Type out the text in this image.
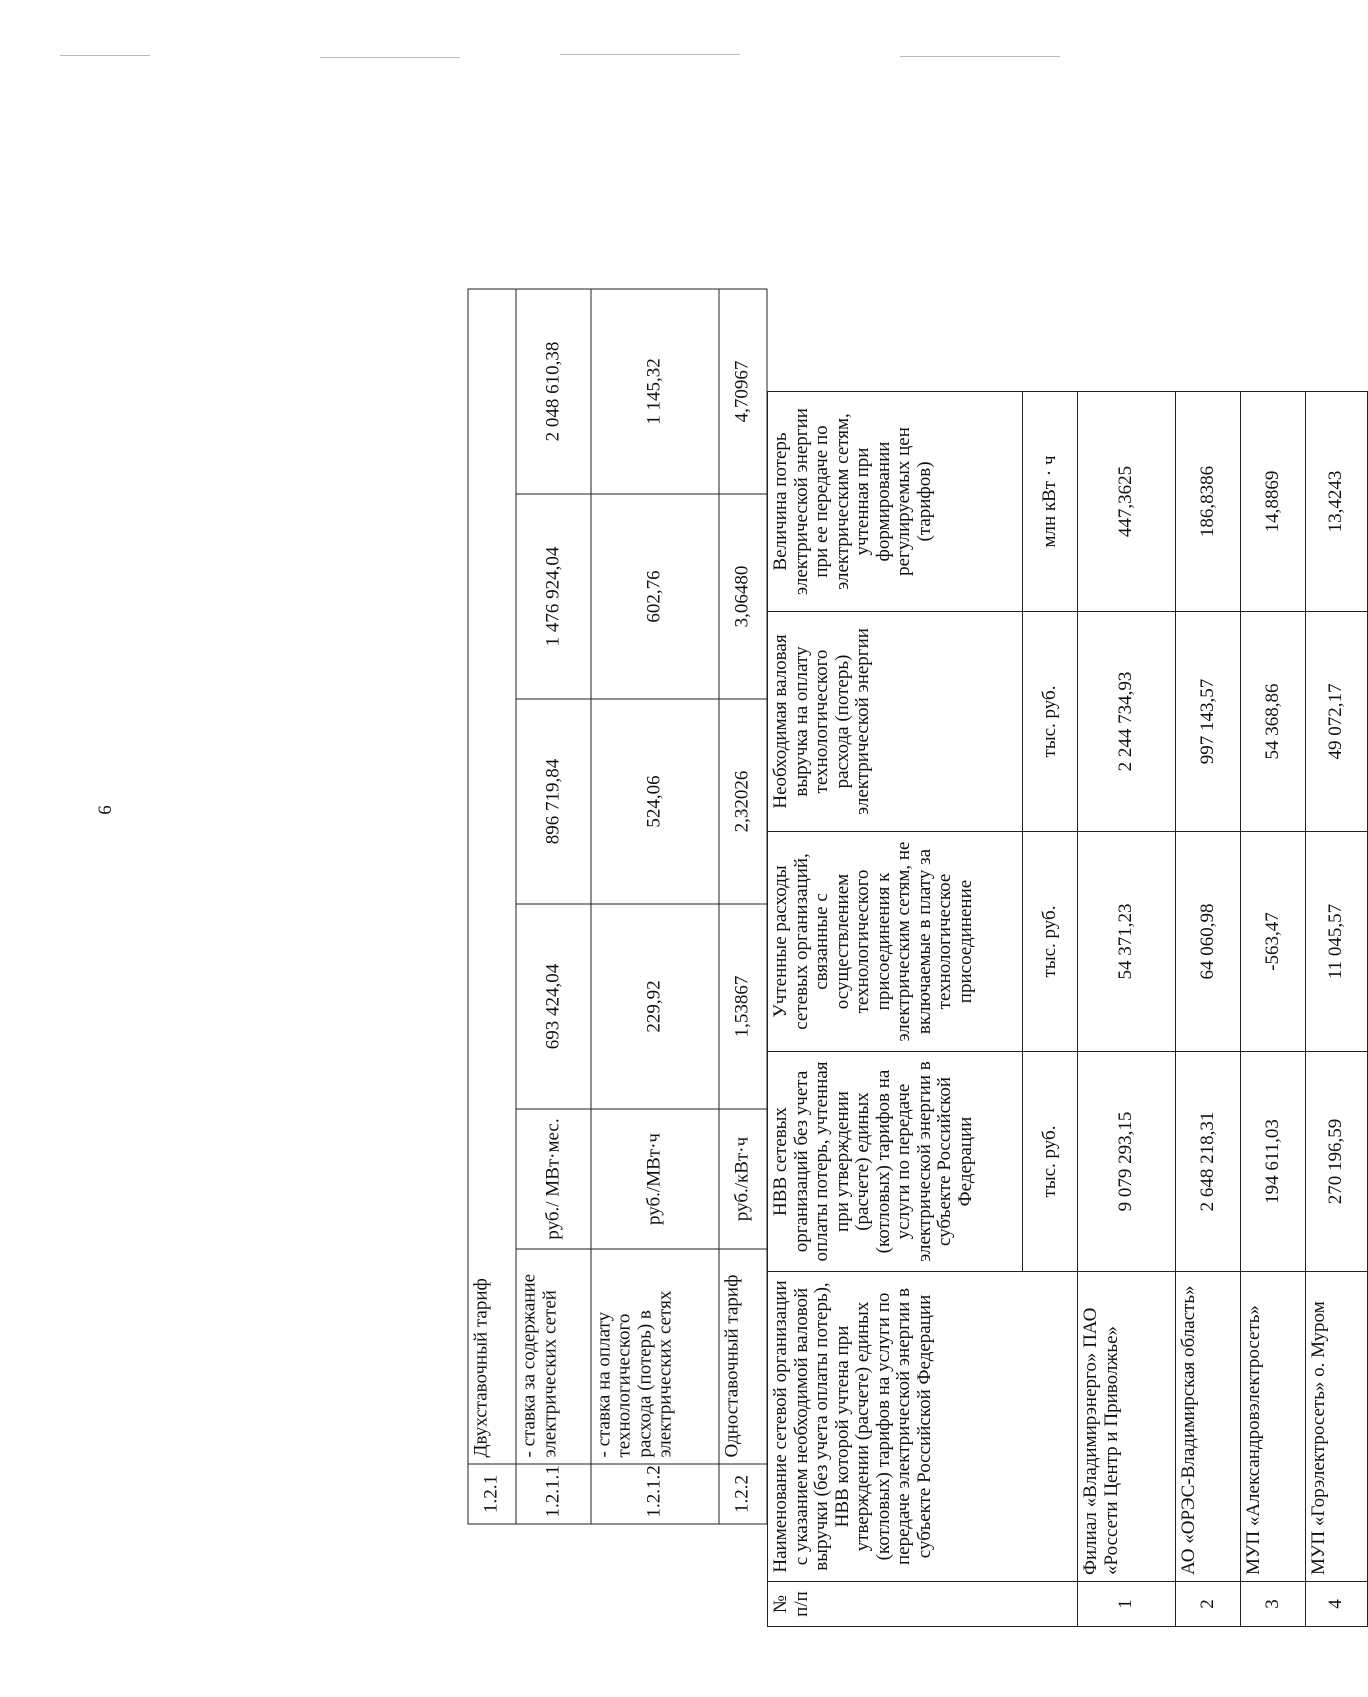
6
1.2.1	Двухставочный тариф					
1.2.1.1	- ставка за содержание электрических сетей	руб./ МВт·мес.	693 424,04	896 719,84	1 476 924,04	2 048 610,38
1.2.1.2	- ставка на оплату технологического расхода (потерь) в электрических сетях	руб./МВт·ч	229,92	524,06	602,76	1 145,32
1.2.2	Одноставочный тариф	руб./кВт·ч	1,53867	2,32026	3,06480	4,70967
№ п/п	Наименование сетевой организации с указанием необходимой валовой выручки (без учета оплаты потерь), НВВ которой учтена при утверждении (расчете) единых (котловых) тарифов на услуги по передаче электрической энергии в субъекте Российской Федерации	НВВ сетевых организаций без учета оплаты потерь, учтенная при утверждении (расчете) единых (котловых) тарифов на услуги по передаче электрической энергии в субъекте Российской Федерации	Учтенные расходы сетевых организаций, связанные с осуществлением технологического присоединения к электрическим сетям, не включаемые в плату за технологическое присоединение	Необходимая валовая выручка на оплату технологического расхода (потерь) электрической энергии	Величина потерь электрической энергии при ее передаче по электрическим сетям, учтенная при формировании регулируемых цен (тарифов)
		тыс. руб.	тыс. руб.	тыс. руб.	млн кВт · ч
1	Филиал «Владимирэнерго» ПАО «Россети Центр и Приволжье»	9 079 293,15	54 371,23	2 244 734,93	447,3625
2	АО «ОРЭС-Владимирская область»	2 648 218,31	64 060,98	997 143,57	186,8386
3	МУП «Александровэлектросеть»	194 611,03	-563,47	54 368,86	14,8869
4	МУП «Горэлектросеть» о. Муром	270 196,59	11 045,57	49 072,17	13,4243
